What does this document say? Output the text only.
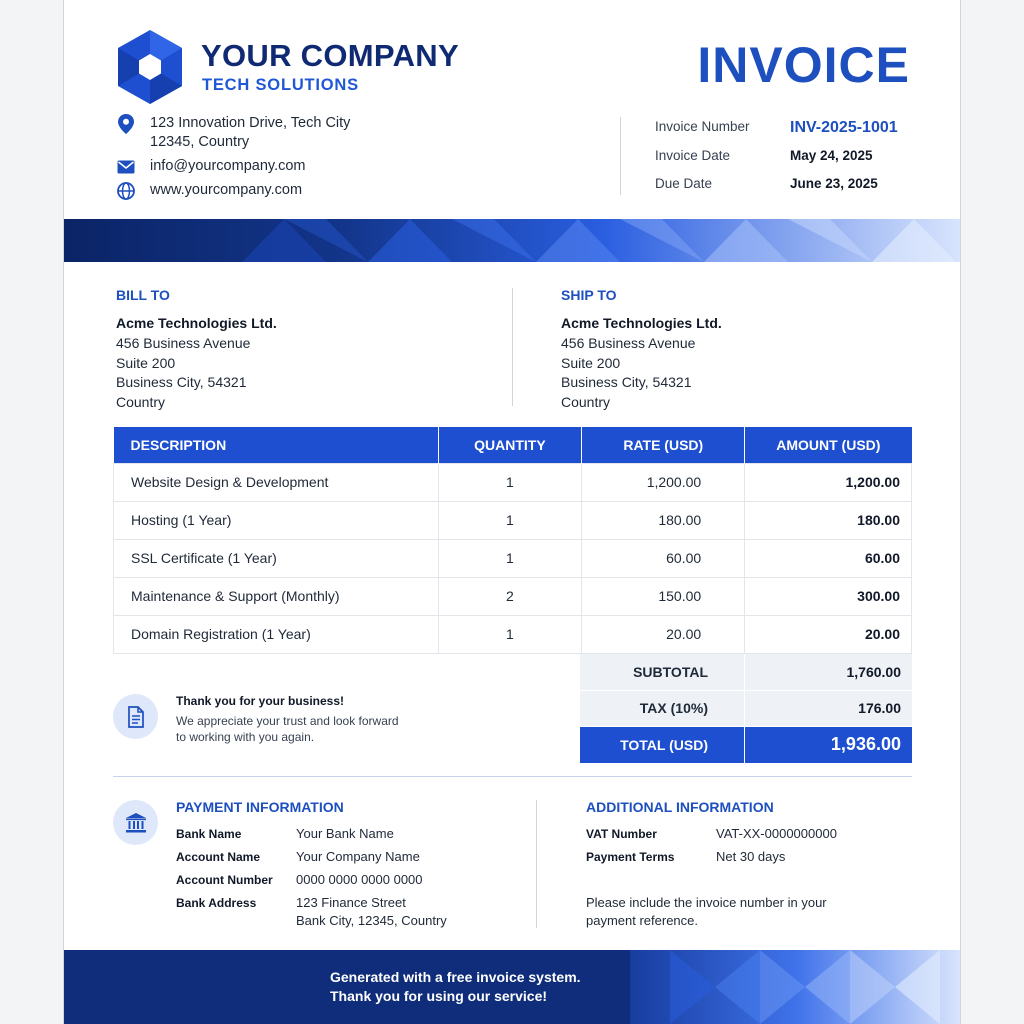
YOUR COMPANY
TECH SOLUTIONS	INVOICE
123 Innovation Drive, Tech City
12345, Country
info@yourcompany.com
www.yourcompany.com
Invoice Number	INV-2025-1001
Invoice Date	May 24, 2025
Due Date	June 23, 2025
BILL TO
Acme Technologies Ltd.
456 Business Avenue
Suite 200
Business City, 54321
Country
SHIP TO
Acme Technologies Ltd.
456 Business Avenue
Suite 200
Business City, 54321
Country
DESCRIPTION	QUANTITY	RATE (USD)	AMOUNT (USD)
Website Design & Development	1	1,200.00	1,200.00
Hosting (1 Year)	1	180.00	180.00
SSL Certificate (1 Year)	1	60.00	60.00
Maintenance & Support (Monthly)	2	150.00	300.00
Domain Registration (1 Year)	1	20.00	20.00
SUBTOTAL	1,760.00
TAX (10%)	176.00
TOTAL (USD)	1,936.00
Thank you for your business!
We appreciate your trust and look forward
to working with you again.
PAYMENT INFORMATION
Bank Name	Your Bank Name
Account Name	Your Company Name
Account Number	0000 0000 0000 0000
Bank Address	123 Finance Street
Bank City, 12345, Country
ADDITIONAL INFORMATION
VAT Number	VAT-XX-0000000000
Payment Terms	Net 30 days
Please include the invoice number in your
payment reference.
Generated with a free invoice system.
Thank you for using our service!
